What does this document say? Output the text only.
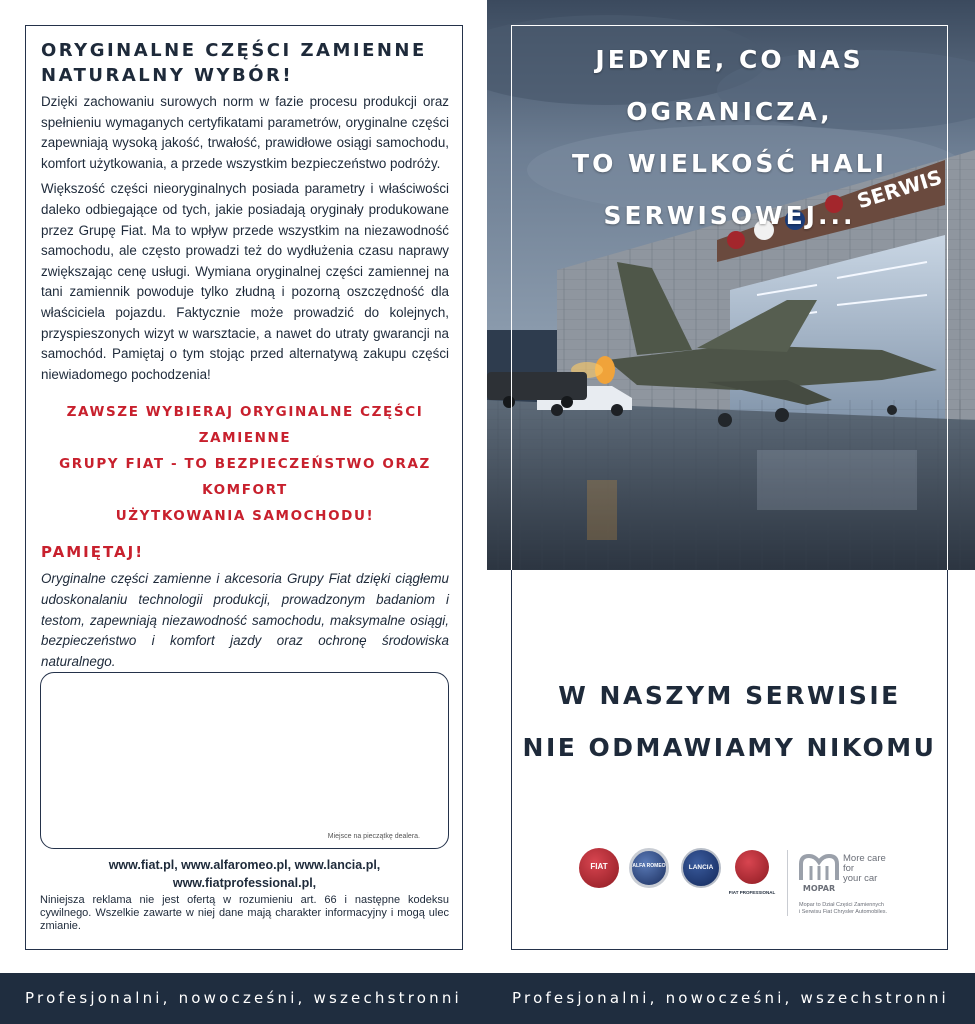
ORYGINALNE CZĘŚCI ZAMIENNE
NATURALNY WYBÓR!

Dzięki zachowaniu surowych norm w fazie procesu produkcji oraz spełnieniu wymaganych certyfikatami parametrów, oryginalne części zapewniają wysoką jakość, trwałość, prawidłowe osiągi samochodu, komfort użytkowania, a przede wszystkim bezpieczeństwo podróży.

Większość części nieoryginalnych posiada parametry i właściwości daleko odbiegające od tych, jakie posiadają oryginały produkowane przez Grupę Fiat. Ma to wpływ przede wszystkim na niezawodność samochodu, ale często prowadzi też do wydłużenia czasu naprawy zwiększając cenę usługi. Wymiana oryginalnej części zamiennej na tani zamiennik powoduje tylko złudną i pozorną oszczędność dla właściciela pojazdu. Faktycznie może prowadzić do kolejnych, przyspieszonych wizyt w warsztacie, a nawet do utraty gwarancji na samochód. Pamiętaj o tym stojąc przed alternatywą zakupu części niewiadomego pochodzenia!

ZAWSZE WYBIERAJ ORYGINALNE CZĘŚCI ZAMIENNE
GRUPY FIAT - TO BEZPIECZEŃSTWO ORAZ KOMFORT
UŻYTKOWANIA SAMOCHODU!
PAMIĘTAJ!

Oryginalne części zamienne i akcesoria Grupy Fiat dzięki ciągłemu udoskonalaniu technologii produkcji, prowadzonym badaniom i testom, zapewniają niezawodność samochodu, maksymalne osiągi, bezpieczeństwo i komfort jazdy oraz ochronę środowiska naturalnego.

Miejsce na pieczątkę dealera.
www.fiat.pl, www.alfaromeo.pl, www.lancia.pl,
www.fiatprofessional.pl,

Niniejsza reklama nie jest ofertą w rozumieniu art. 66 i następne kodeksu cywilnego. Wszelkie zawarte w niej dane mają charakter informacyjny i mogą ulec zmianie.

SERWIS
JEDYNE, CO NAS OGRANICZA,
TO WIELKOŚĆ HALI
SERWISOWEJ...
W NASZYM SERWISIE
NIE ODMAWIAMY NIKOMU
FIAT	ALFA ROMEO	LANCIA
FIAT PROFESSIONAL	MOPAR
More care
for
your car
Mopar to Dział Części Zamiennych
i Serwisu Fiat Chrysler Automobiles.
Profesjonalni, nowocześni, wszechstronni	Profesjonalni, nowocześni, wszechstronni
